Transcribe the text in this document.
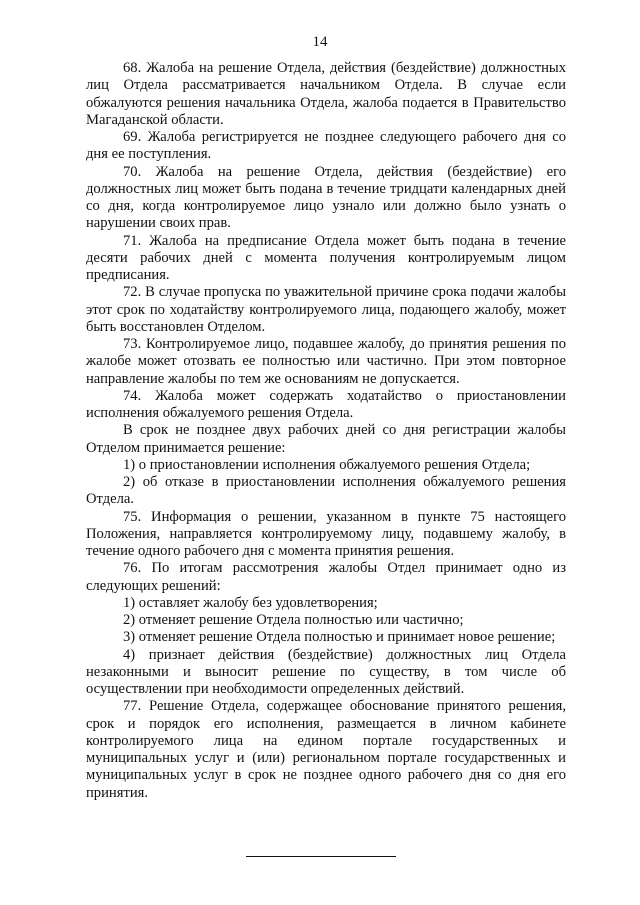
14

68. Жалоба на решение Отдела, действия (бездействие) должностных лиц Отдела рассматривается начальником Отдела. В случае если обжалуются решения начальника Отдела, жалоба подается в Правительство Магаданской области.

69. Жалоба регистрируется не позднее следующего рабочего дня со дня ее поступления.

70. Жалоба на решение Отдела, действия (бездействие) его должностных лиц может быть подана в течение тридцати календарных дней со дня, когда контролируемое лицо узнало или должно было узнать о нарушении своих прав.

71. Жалоба на предписание Отдела может быть подана в течение десяти рабочих дней с момента получения контролируемым лицом предписания.

72. В случае пропуска по уважительной причине срока подачи жалобы этот срок по ходатайству контролируемого лица, подающего жалобу, может быть восстановлен Отделом.

73. Контролируемое лицо, подавшее жалобу, до принятия решения по жалобе может отозвать ее полностью или частично. При этом повторное направление жалобы по тем же основаниям не допускается.

74. Жалоба может содержать ходатайство о приостановлении исполнения обжалуемого решения Отдела.

В срок не позднее двух рабочих дней со дня регистрации жалобы Отделом принимается решение:

1) о приостановлении исполнения обжалуемого решения Отдела;

2) об отказе в приостановлении исполнения обжалуемого решения Отдела.

75. Информация о решении, указанном в пункте 75 настоящего Положения, направляется контролируемому лицу, подавшему жалобу, в течение одного рабочего дня с момента принятия решения.

76. По итогам рассмотрения жалобы Отдел принимает одно из следующих решений:

1) оставляет жалобу без удовлетворения;

2) отменяет решение Отдела полностью или частично;

3) отменяет решение Отдела полностью и принимает новое решение;

4) признает действия (бездействие) должностных лиц Отдела незаконными и выносит решение по существу, в том числе об осуществлении при необходимости определенных действий.

77. Решение Отдела, содержащее обоснование принятого решения, срок и порядок его исполнения, размещается в личном кабинете контролируемого лица на едином портале государственных и муниципальных услуг и (или) региональном портале государственных и муниципальных услуг в срок не позднее одного рабочего дня со дня его принятия.
